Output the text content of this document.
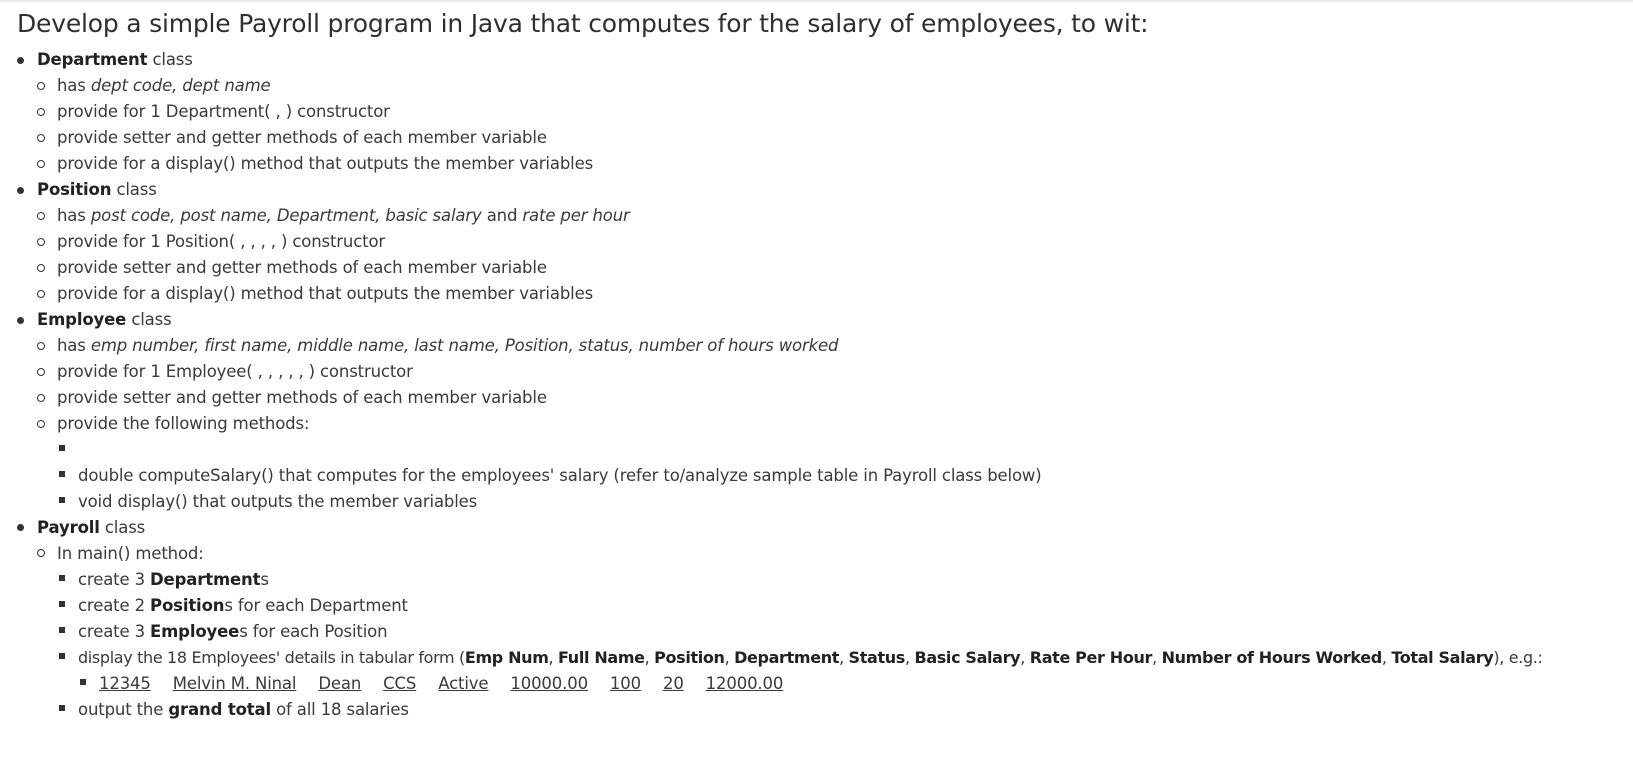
Develop a simple Payroll program in Java that computes for the salary of employees, to wit:
Department class
has dept code, dept name
provide for 1 Department( , ) constructor
provide setter and getter methods of each member variable
provide for a display() method that outputs the member variables
Position class
has post code, post name, Department, basic salary and rate per hour
provide for 1 Position( , , , , ) constructor
provide setter and getter methods of each member variable
provide for a display() method that outputs the member variables
Employee class
has emp number, first name, middle name, last name, Position, status, number of hours worked
provide for 1 Employee( , , , , , ) constructor
provide setter and getter methods of each member variable
provide the following methods:
double computeSalary() that computes for the employees' salary (refer to/analyze sample table in Payroll class below)
void display() that outputs the member variables
Payroll class
In main() method:
create 3 Departments
create 2 Positions for each Department
create 3 Employees for each Position
display the 18 Employees' details in tabular form (Emp Num, Full Name, Position, Department, Status, Basic Salary, Rate Per Hour, Number of Hours Worked, Total Salary), e.g.:
12345 Melvin M. Ninal Dean CCS Active 10000.00 100 20 12000.00
output the grand total of all 18 salaries
